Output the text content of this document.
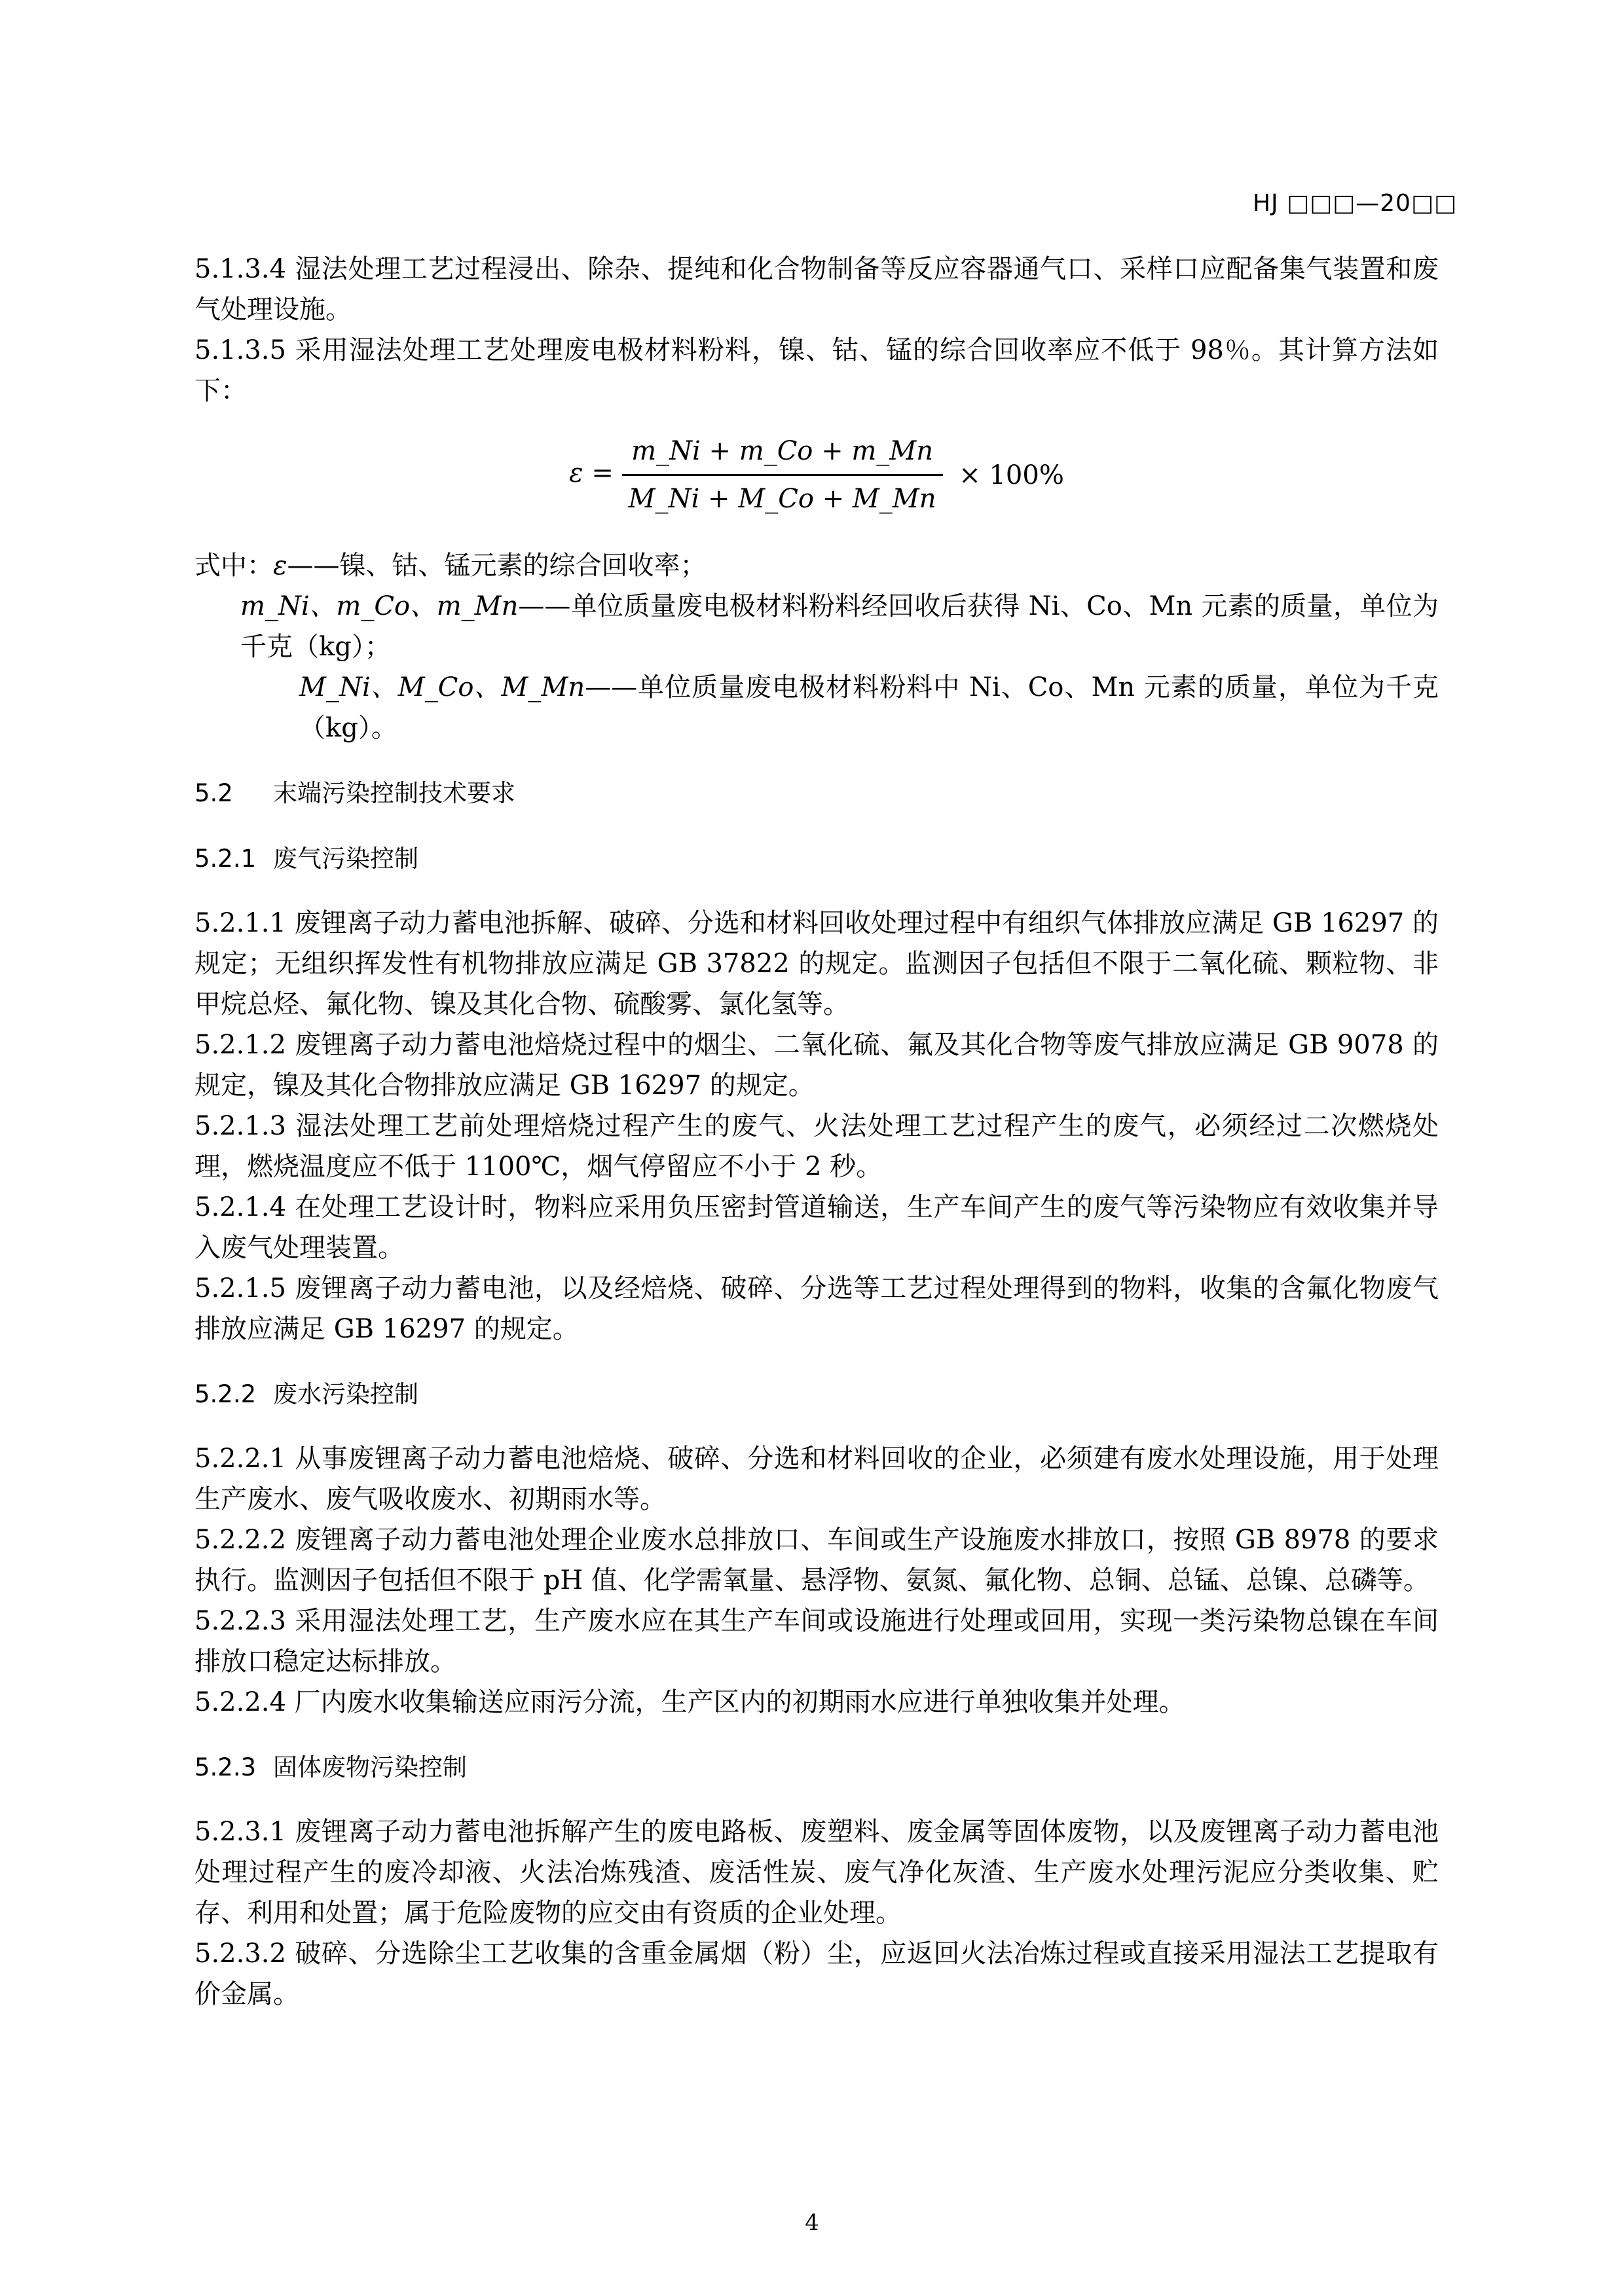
HJ □□□—20□□

5.1.3.4 湿法处理工艺过程浸出、除杂、提纯和化合物制备等反应容器通气口、采样口应配备集气装置和废气处理设施。

5.1.3.5 采用湿法处理工艺处理废电极材料粉料，镍、钴、锰的综合回收率应不低于 98％。其计算方法如下：

$\varepsilon = \frac{m\_Ni + m\_Co + m\_Mn}{M\_Ni + M\_Co + M\_Mn} \times 100\%$

式中：ε——镍、钴、锰元素的综合回收率；

m_Ni、m_Co、m_Mn——单位质量废电极材料粉料经回收后获得 Ni、Co、Mn 元素的质量，单位为千克（kg）；

M_Ni、M_Co、M_Mn——单位质量废电极材料粉料中 Ni、Co、Mn 元素的质量，单位为千克（kg）。

5.2 末端污染控制技术要求
5.2.1 废气污染控制

5.2.1.1 废锂离子动力蓄电池拆解、破碎、分选和材料回收处理过程中有组织气体排放应满足 GB 16297 的规定；无组织挥发性有机物排放应满足 GB 37822 的规定。监测因子包括但不限于二氧化硫、颗粒物、非甲烷总烃、氟化物、镍及其化合物、硫酸雾、氯化氢等。

5.2.1.2 废锂离子动力蓄电池焙烧过程中的烟尘、二氧化硫、氟及其化合物等废气排放应满足 GB 9078 的规定，镍及其化合物排放应满足 GB 16297 的规定。

5.2.1.3 湿法处理工艺前处理焙烧过程产生的废气、火法处理工艺过程产生的废气，必须经过二次燃烧处理，燃烧温度应不低于 1100℃，烟气停留应不小于 2 秒。

5.2.1.4 在处理工艺设计时，物料应采用负压密封管道输送，生产车间产生的废气等污染物应有效收集并导入废气处理装置。

5.2.1.5 废锂离子动力蓄电池，以及经焙烧、破碎、分选等工艺过程处理得到的物料，收集的含氟化物废气排放应满足 GB 16297 的规定。

5.2.2 废水污染控制

5.2.2.1 从事废锂离子动力蓄电池焙烧、破碎、分选和材料回收的企业，必须建有废水处理设施，用于处理生产废水、废气吸收废水、初期雨水等。

5.2.2.2 废锂离子动力蓄电池处理企业废水总排放口、车间或生产设施废水排放口，按照 GB 8978 的要求执行。监测因子包括但不限于 pH 值、化学需氧量、悬浮物、氨氮、氟化物、总铜、总锰、总镍、总磷等。

5.2.2.3 采用湿法处理工艺，生产废水应在其生产车间或设施进行处理或回用，实现一类污染物总镍在车间排放口稳定达标排放。

5.2.2.4 厂内废水收集输送应雨污分流，生产区内的初期雨水应进行单独收集并处理。

5.2.3 固体废物污染控制

5.2.3.1 废锂离子动力蓄电池拆解产生的废电路板、废塑料、废金属等固体废物，以及废锂离子动力蓄电池处理过程产生的废冷却液、火法冶炼残渣、废活性炭、废气净化灰渣、生产废水处理污泥应分类收集、贮存、利用和处置；属于危险废物的应交由有资质的企业处理。

5.2.3.2 破碎、分选除尘工艺收集的含重金属烟（粉）尘，应返回火法冶炼过程或直接采用湿法工艺提取有价金属。

4
